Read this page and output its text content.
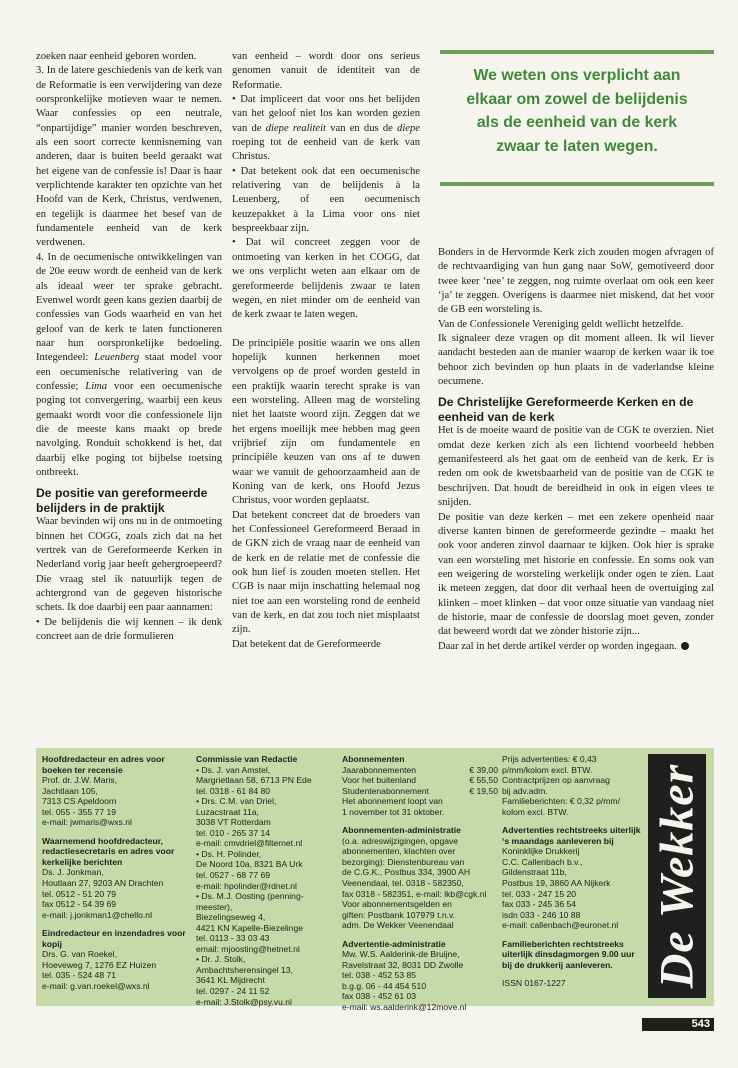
zoeken naar eenheid geboren worden.

3. In de latere geschiedenis van de kerk van de Reformatie is een verwijdering van deze oorspronkelijke motieven waar te nemen. Waar confessies op een neutrale, “onpartijdige” manier worden beschreven, als een soort correcte kennisneming van anderen, daar is buiten beeld geraakt wat het eigene van de confessie is! Daar is haar verplichtende karakter ten opzichte van het Hoofd van de Kerk, Christus, verdwenen, en tegelijk is daarmee het besef van de fundamentele eenheid van de kerk verdwenen.

4. In de oecumenische ontwikkelingen van de 20e eeuw wordt de eenheid van de kerk als ideaal weer ter sprake gebracht. Evenwel wordt geen kans gezien daarbij de confessies van Gods waarheid en van het geloof van de kerk te laten functioneren naar hun oorspronkelijke bedoeling. Integendeel: Leuenberg staat model voor een oecumenische relativering van de confessie; Lima voor een oecumenische poging tot convergering, waarbij een keus gemaakt wordt voor die confessionele lijn die de meeste kans maakt op brede navolging. Ronduit schokkend is het, dat daarbij elke poging tot bijbelse toetsing ontbreekt.

De positie van gereformeerde belijders in de praktijk

Waar bevinden wij ons nu in de ontmoeting binnen het COGG, zoals zich dat na het vertrek van de Gereformeerde Kerken in Nederland vorig jaar heeft gehergroepeerd? Die vraag stel ik natuurlijk tegen de achtergrond van de gegeven historische schets. Ik doe daarbij een paar aannamen:

• De belijdenis die wij kennen – ik denk concreet aan de drie formulieren

van eenheid – wordt door ons serieus genomen vanuit de identiteit van de Reformatie.

• Dat impliceert dat voor ons het belijden van het geloof niet los kan worden gezien van de diepe realiteit van en dus de diepe roeping tot de eenheid van de kerk van Christus.

• Dat betekent ook dat een oecumenische relativering van de belijdenis à la Leuenberg, of een oecumenisch keuzepakket à la Lima voor ons niet bespreekbaar zijn.

• Dat wil concreet zeggen voor de ontmoeting van kerken in het COGG, dat we ons verplicht weten aan elkaar om de gereformeerde belijdenis zwaar te laten wegen, en niet minder om de eenheid van de kerk zwaar te laten wegen.

De principiële positie waarin we ons allen hopelijk kunnen herkennen moet vervolgens op de proef worden gesteld in een praktijk waarin terecht sprake is van een worsteling. Alleen mag de worsteling niet het laatste woord zijn. Zeggen dat we het ergens moeilijk mee hebben mag geen vrijbrief zijn om fundamentele en principiële keuzen van ons af te duwen waar we vanuit de gehoorzaamheid aan de Koning van de kerk, ons Hoofd Jezus Christus, voor worden geplaatst.

Dat betekent concreet dat de broeders van het Confessioneel Gereformeerd Beraad in de GKN zich de vraag naar de eenheid van de kerk en de relatie met de confessie die ook hun lief is zouden moeten stellen. Het CGB is naar mijn inschatting helemaal nog niet toe aan een worsteling rond de eenheid van de kerk, en dat zou toch niet misplaatst zijn.

Dat betekent dat de Gereformeerde

We weten ons verplicht aan
elkaar om zowel de belijdenis
als de eenheid van de kerk
zwaar te laten wegen.

Bonders in de Hervormde Kerk zich zouden mogen afvragen of de rechtvaardiging van hun gang naar SoW, gemotiveerd door twee keer ‘nee’ te zeggen, nog ruimte overlaat om ook een keer ‘ja’ te zeggen. Overigens is daarmee niet miskend, dat het voor de GB een worsteling is.

Van de Confessionele Vereniging geldt wellicht hetzelfde.

Ik signaleer deze vragen op dit moment alleen. Ik wil liever aandacht besteden aan de manier waarop de kerken waar ik toe behoor zich bevinden op hun plaats in de vaderlandse kleine oecumene.

De Christelijke Gereformeerde Kerken en de eenheid van de kerk

Het is de moeite waard de positie van de CGK te overzien. Niet omdat deze kerken zich als een lichtend voorbeeld hebben gemanifesteerd als het gaat om de eenheid van de kerk. Er is reden om ook de kwetsbaarheid van de positie van de CGK te beschrijven. Dat houdt de bereidheid in ook in eigen vlees te snijden.

De positie van deze kerken – met een zekere openheid naar diverse kanten binnen de gereformeerde gezindte – maakt het ook voor anderen zinvol daarnaar te kijken. Ook hier is sprake van een worsteling met historie en confessie. En soms ook van een weigering de worsteling werkelijk onder ogen te zien. Laat ik meteen zeggen, dat door dit verhaal heen de overtuiging zal klinken – moet klinken – dat voor onze situatie van vandaag niet de historie, maar de confessie de doorslag moet geven, zonder dat beweerd wordt dat we zònder historie zijn...

Daar zal in het derde artikel verder op worden ingegaan.

Hoofdredacteur en adres voor boeken ter recensie
Prof. dr. J.W. Maris,
Jachtlaan 105,
7313 CS Apeldoorn
tel. 055 - 355 77 19
e-mail: jwmaris@wxs.nl
Waarnemend hoofdredacteur, redactiesecretaris en adres voor kerkelijke berichten
Ds. J. Jonkman,
Houtlaan 27, 9203 AN Drachten
tel. 0512 - 51 20 79
fax 0512 - 54 39 69
e-mail: j.jonkman1@chello.nl
Eindredacteur en inzendadres voor kopij
Drs. G. van Roekel,
Hoeveweg 7, 1276 EZ Huizen
tel. 035 - 524 48 71
e-mail: g.van.roekel@wxs.nl
Commissie van Redactie
• Ds. J. van Amstel,
Margrietlaan 58, 6713 PN Ede
tel. 0318 - 61 84 80
• Drs. C.M. van Driel,
Luzacstraat 11a,
3038 VT Rotterdam
tel. 010 - 265 37 14
e-mail: cmvdriel@filternet.nl
• Ds. H. Polinder,
De Noord 10a, 8321 BA Urk
tel. 0527 - 68 77 69
e-mail: hpolinder@rdnet.nl
• Ds. M.J. Oosting (penning-
meester),
Biezelingseweg 4,
4421 KN Kapelle-Biezelinge
tel. 0113 - 33 03 43
email: mjoosting@hetnet.nl
• Dr. J. Stolk,
Ambachtsherensingel 13,
3641 KL Mijdrecht
tel. 0297 - 24 11 52
e-mail: J.Stolk@psy.vu.nl
Abonnementen
Jaarabonnementen	€ 39,00
Voor het buitenland	€ 55,50
Studentenabonnement	€ 19,50
Het abonnement loopt van
1 november tot 31 oktober.
Abonnementen-administratie
(o.a. adreswijzigingen, opgave
abonnementen, klachten over
bezorging): Dienstenbureau van
de C.G.K., Postbus 334, 3900 AH
Veenendaal, tel. 0318 - 582350,
fax 0318 - 582351, e-mail: lkb@cgk.nl
Voor abonnementsgelden en
giften: Postbank 107979 t.n.v.
adm. De Wekker Veenendaal
Advertentie-administratie
Mw. W.S. Aalderink-de Bruijne,
Ravelstraat 32, 8031 DD Zwolle
tel. 038 - 452 53 85
b.g.g. 06 - 44 454 510
fax 038 - 452 61 03
e-mail: ws.aalderink@12move.nl
Prijs advertenties: € 0,43
p/mm/kolom excl. BTW.
Contractprijzen op aanvraag
bij adv.adm.
Familieberichten: € 0,32 p/mm/
kolom excl. BTW.
Advertenties rechtstreeks uiterlijk ‘s maandags aanleveren bij
Koninklijke Drukkerij
C.C. Callenbach b.v.,
Gildenstraat 11b,
Postbus 19, 3860 AA Nijkerk
tel. 033 - 247 15 20
fax 033 - 245 36 54
isdn 033 - 246 10 88
e-mail: callenbach@euronet.nl
Familieberichten rechtstreeks uiterlijk dinsdagmorgen 9.00 uur bij de drukkerij aanleveren.
ISSN 0167-1227	De Wekker
543
